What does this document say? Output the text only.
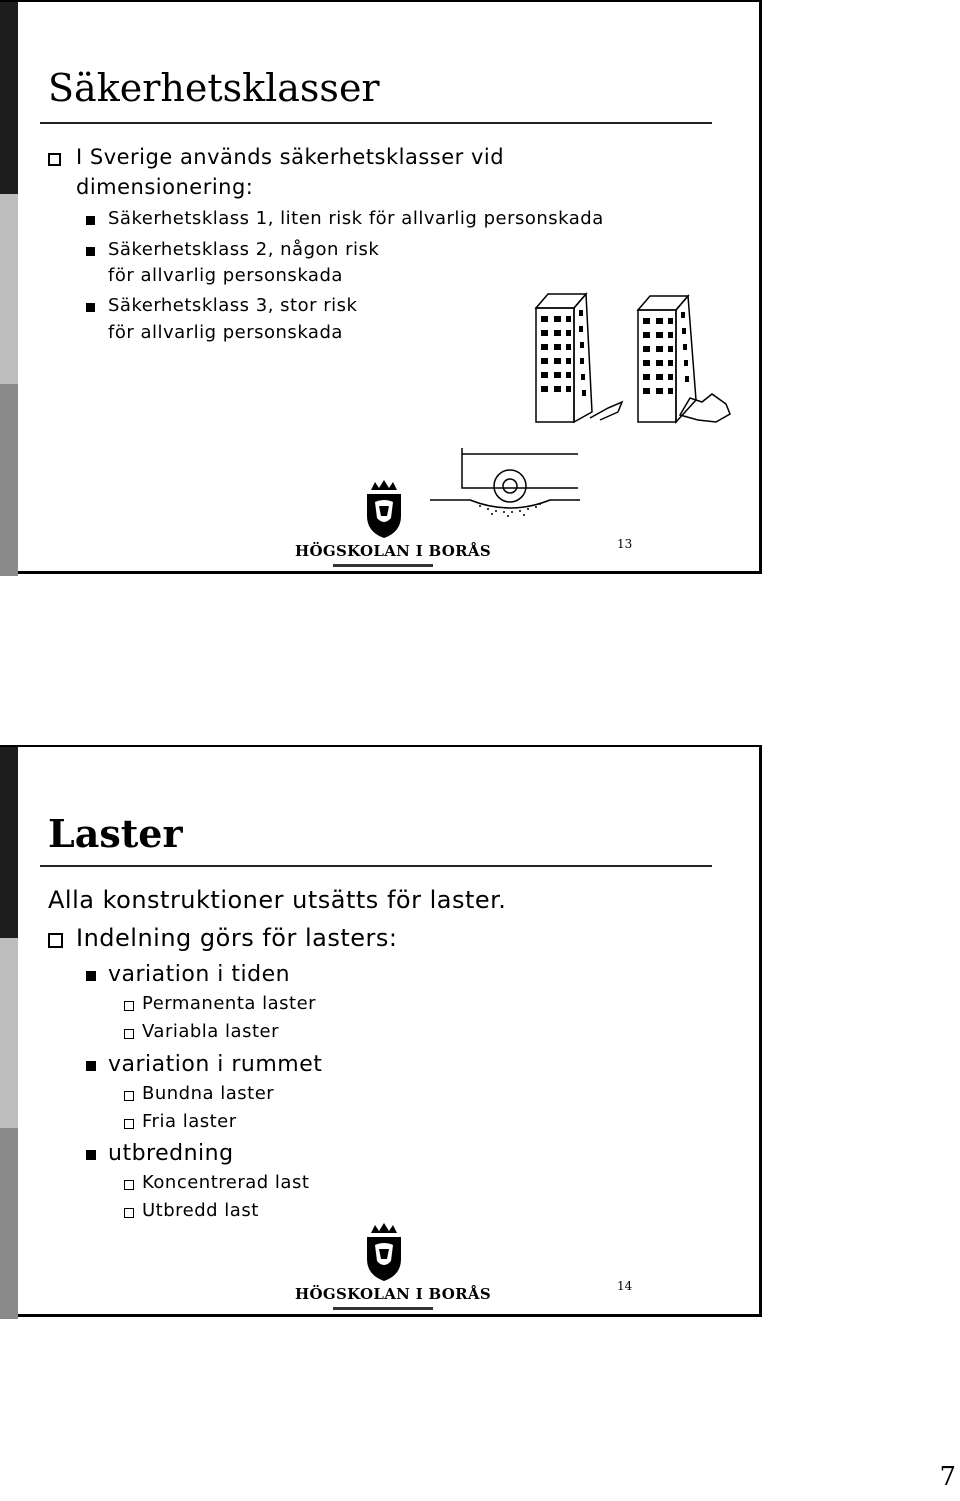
Säkerhetsklasser
I Sverige används säkerhetsklasser vid
dimensionering:
Säkerhetsklass 1, liten risk för allvarlig personskada
Säkerhetsklass 2, någon risk
för allvarlig personskada
Säkerhetsklass 3, stor risk
för allvarlig personskada
HÖGSKOLAN I BORÅS	13
Laster
Alla konstruktioner utsätts för laster.
Indelning görs för lasters:
variation i tiden
Permanenta laster
Variabla laster
variation i rummet
Bundna laster
Fria laster
utbredning
Koncentrerad last
Utbredd last
HÖGSKOLAN I BORÅS	14
7
